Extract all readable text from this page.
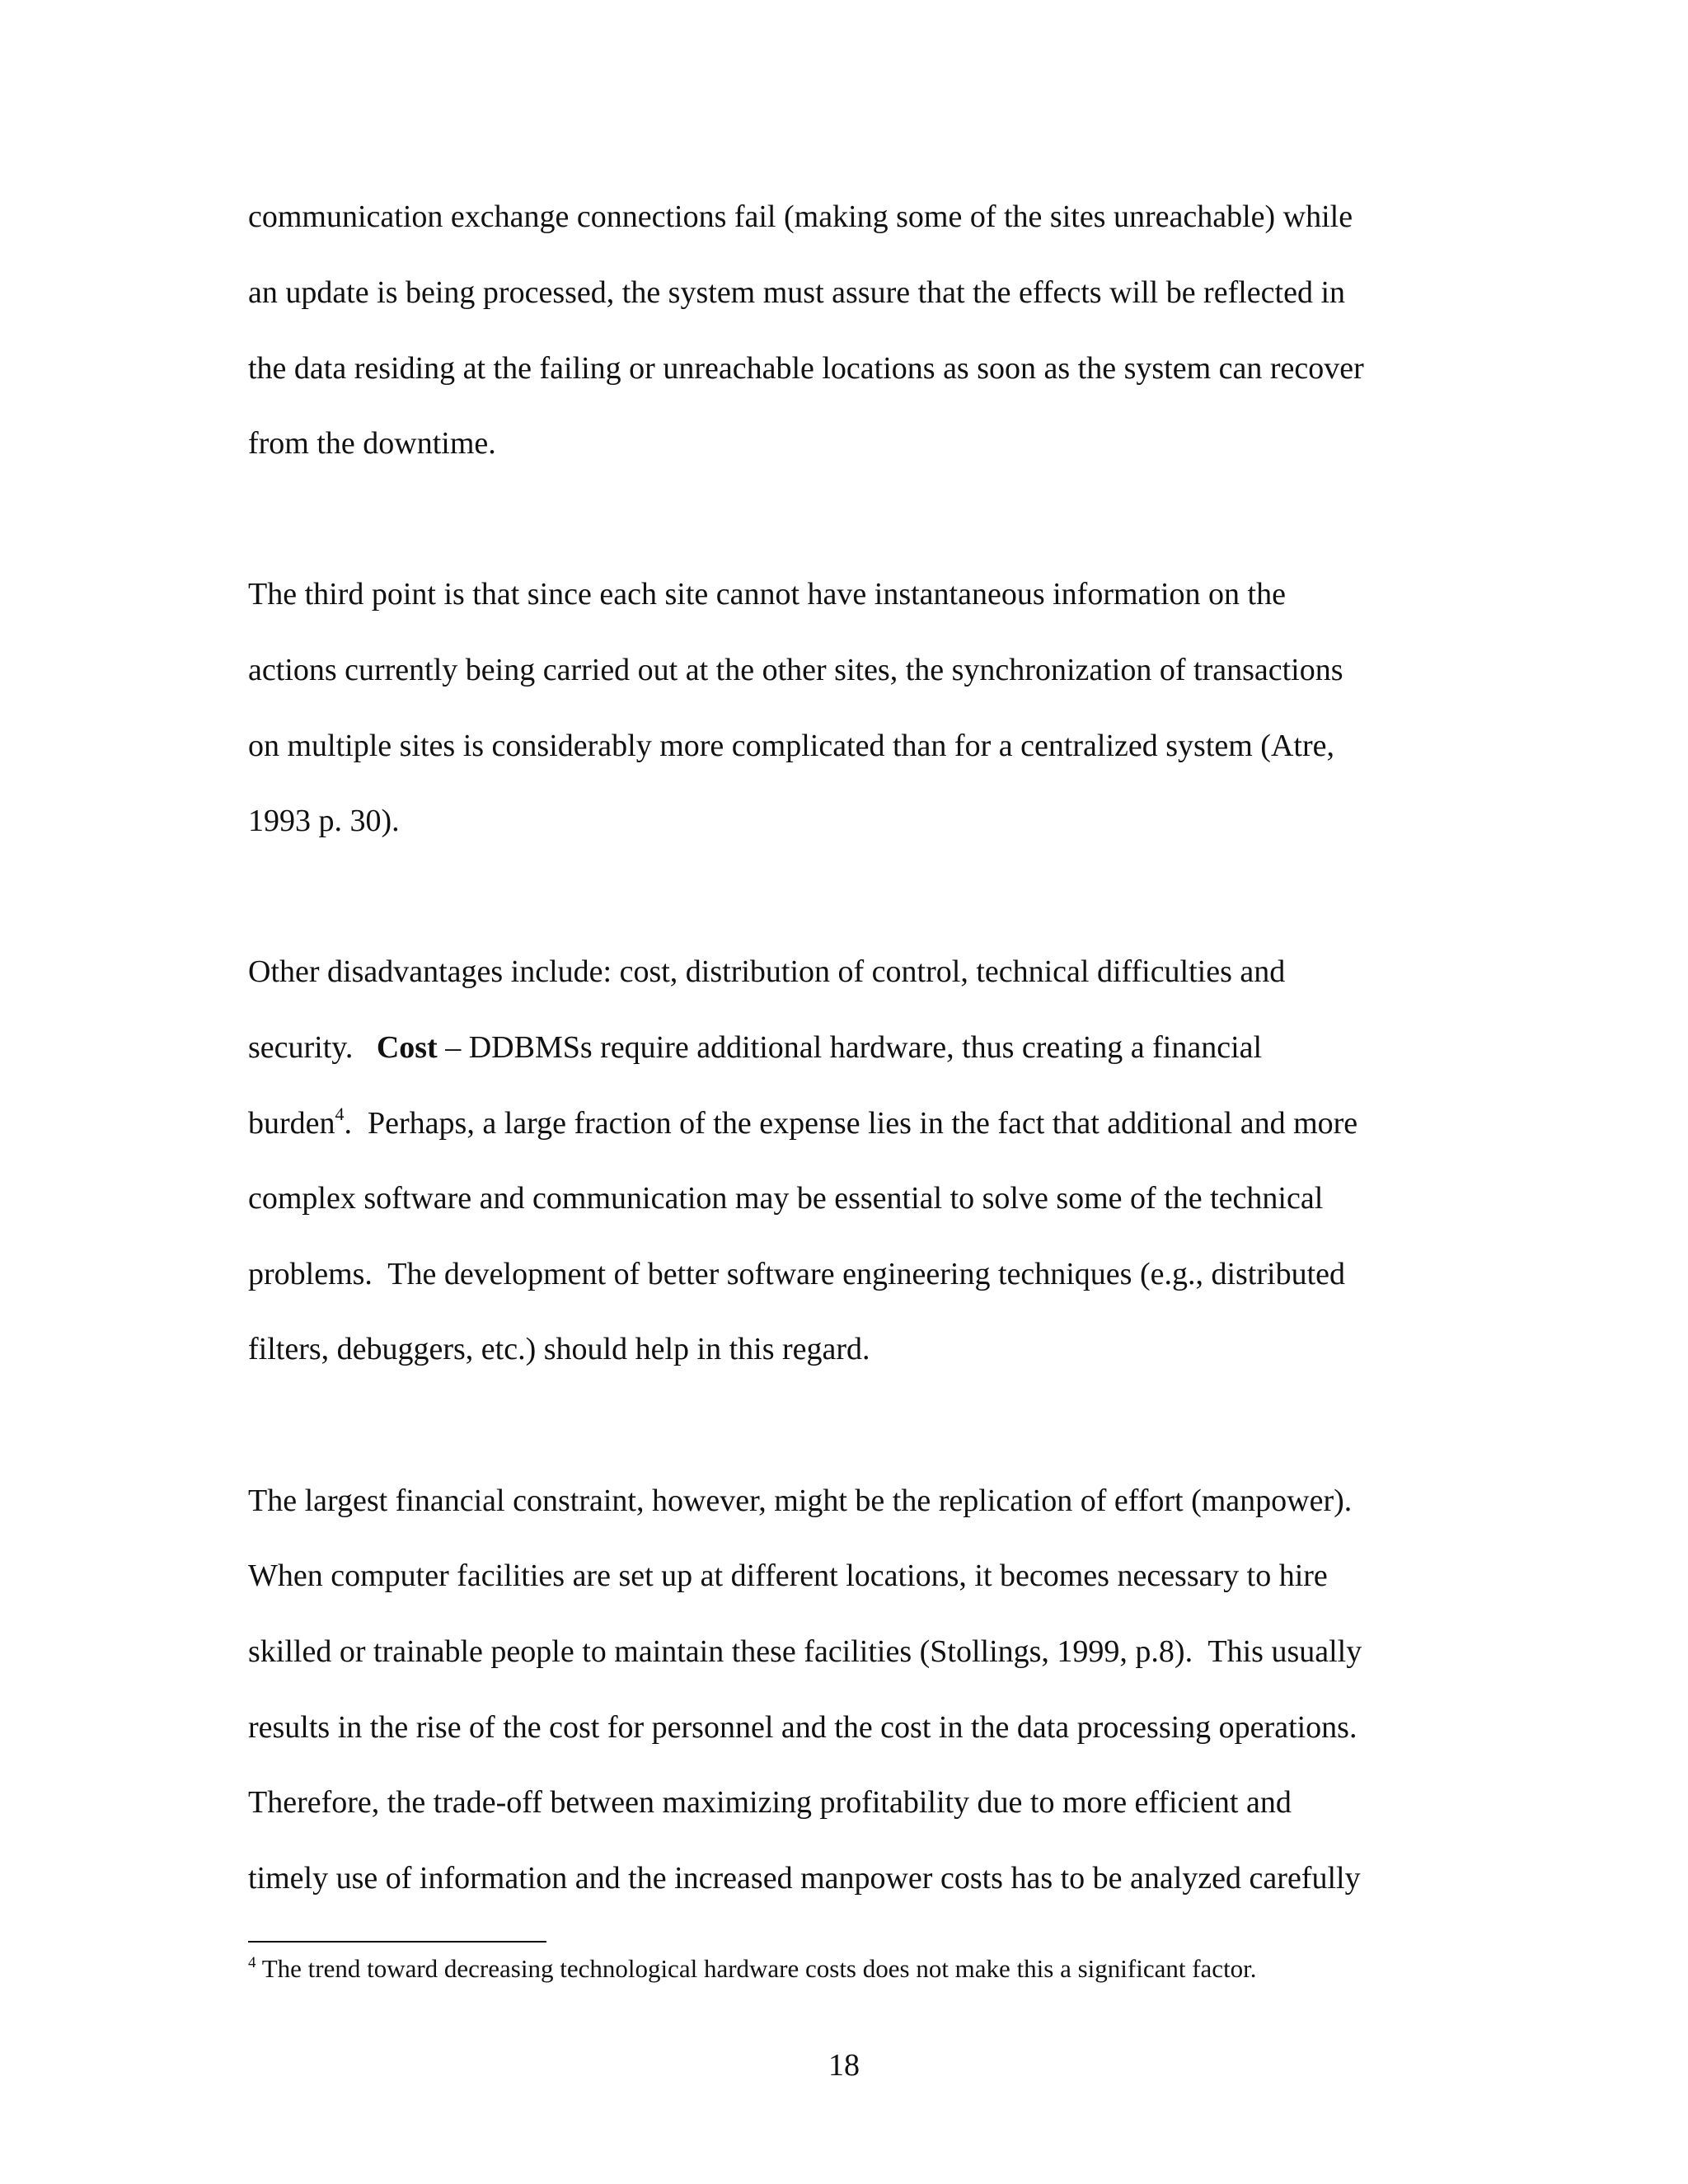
communication exchange connections fail (making some of the sites unreachable) while

an update is being processed, the system must assure that the effects will be reflected in

the data residing at the failing or unreachable locations as soon as the system can recover

from the downtime.

The third point is that since each site cannot have instantaneous information on the

actions currently being carried out at the other sites, the synchronization of transactions

on multiple sites is considerably more complicated than for a centralized system (Atre,

1993 p. 30).

Other disadvantages include: cost, distribution of control, technical difficulties and

security.   Cost – DDBMSs require additional hardware, thus creating a financial

burden$^4$.  Perhaps, a large fraction of the expense lies in the fact that additional and more

complex software and communication may be essential to solve some of the technical

problems.  The development of better software engineering techniques (e.g., distributed

filters, debuggers, etc.) should help in this regard.

The largest financial constraint, however, might be the replication of effort (manpower).

When computer facilities are set up at different locations, it becomes necessary to hire

skilled or trainable people to maintain these facilities (Stollings, 1999, p.8).  This usually

results in the rise of the cost for personnel and the cost in the data processing operations.

Therefore, the trade-off between maximizing profitability due to more efficient and

timely use of information and the increased manpower costs has to be analyzed carefully

$^4$ The trend toward decreasing technological hardware costs does not make this a significant factor.
18
